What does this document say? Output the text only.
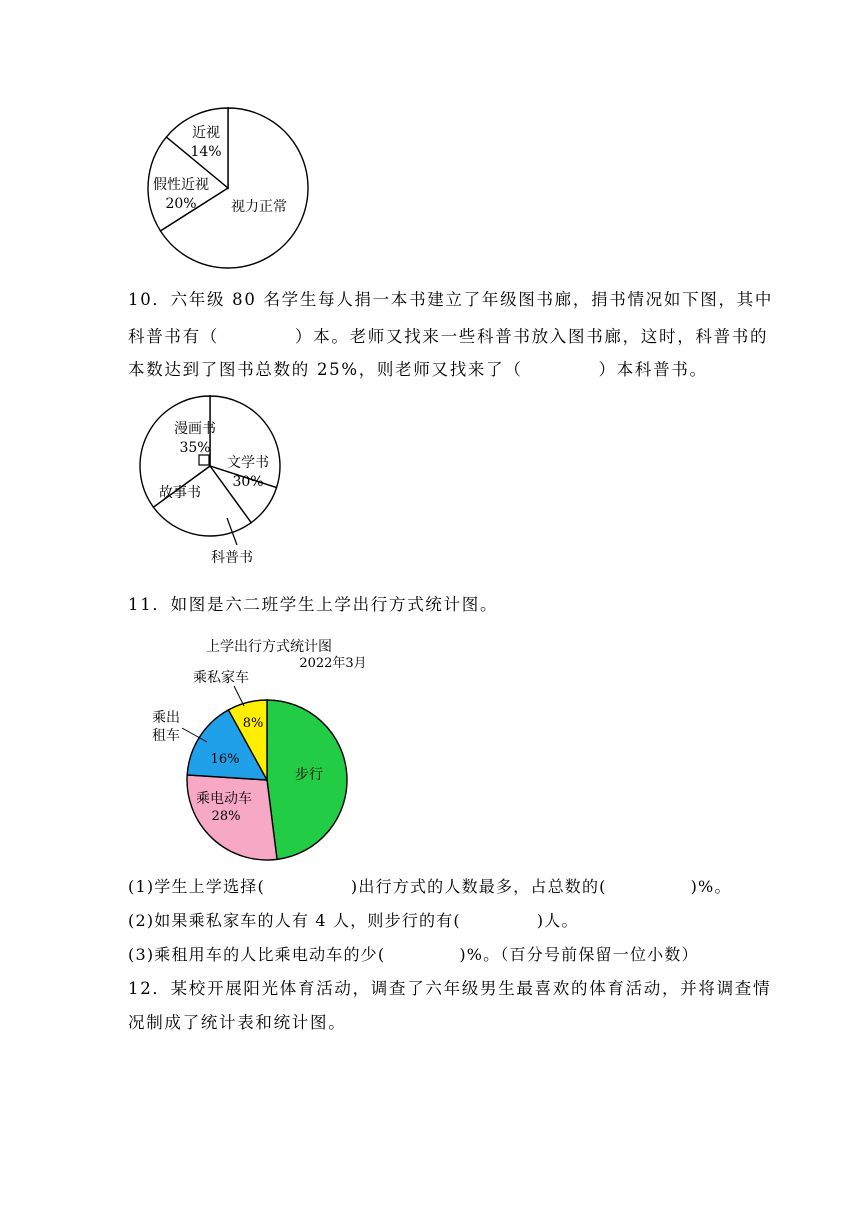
近视
14%
假性近视
20% 视力正常
10．六年级 80 名学生每人捐一本书建立了年级图书廊，捐书情况如下图，其中
科普书有（	）本。老师又找来一些科普书放入图书廊，这时，科普书的
本数达到了图书总数的 25%，则老师又找来了（	）本科普书。
漫画书
35%
文学书
30%
故事书
科普书
11．如图是六二班学生上学出行方式统计图。
上学出行方式统计图
2022年3月
乘私家车
8%
乘出
租车
16%
步行
乘电动车
28%
(1)学生上学选择(	)出行方式的人数最多，占总数的(	)%。
(2)如果乘私家车的人有 4 人，则步行的有(	)人。
(3)乘租用车的人比乘电动车的少(	)%。（百分号前保留一位小数）
12．某校开展阳光体育活动，调查了六年级男生最喜欢的体育活动，并将调查情
况制成了统计表和统计图。
